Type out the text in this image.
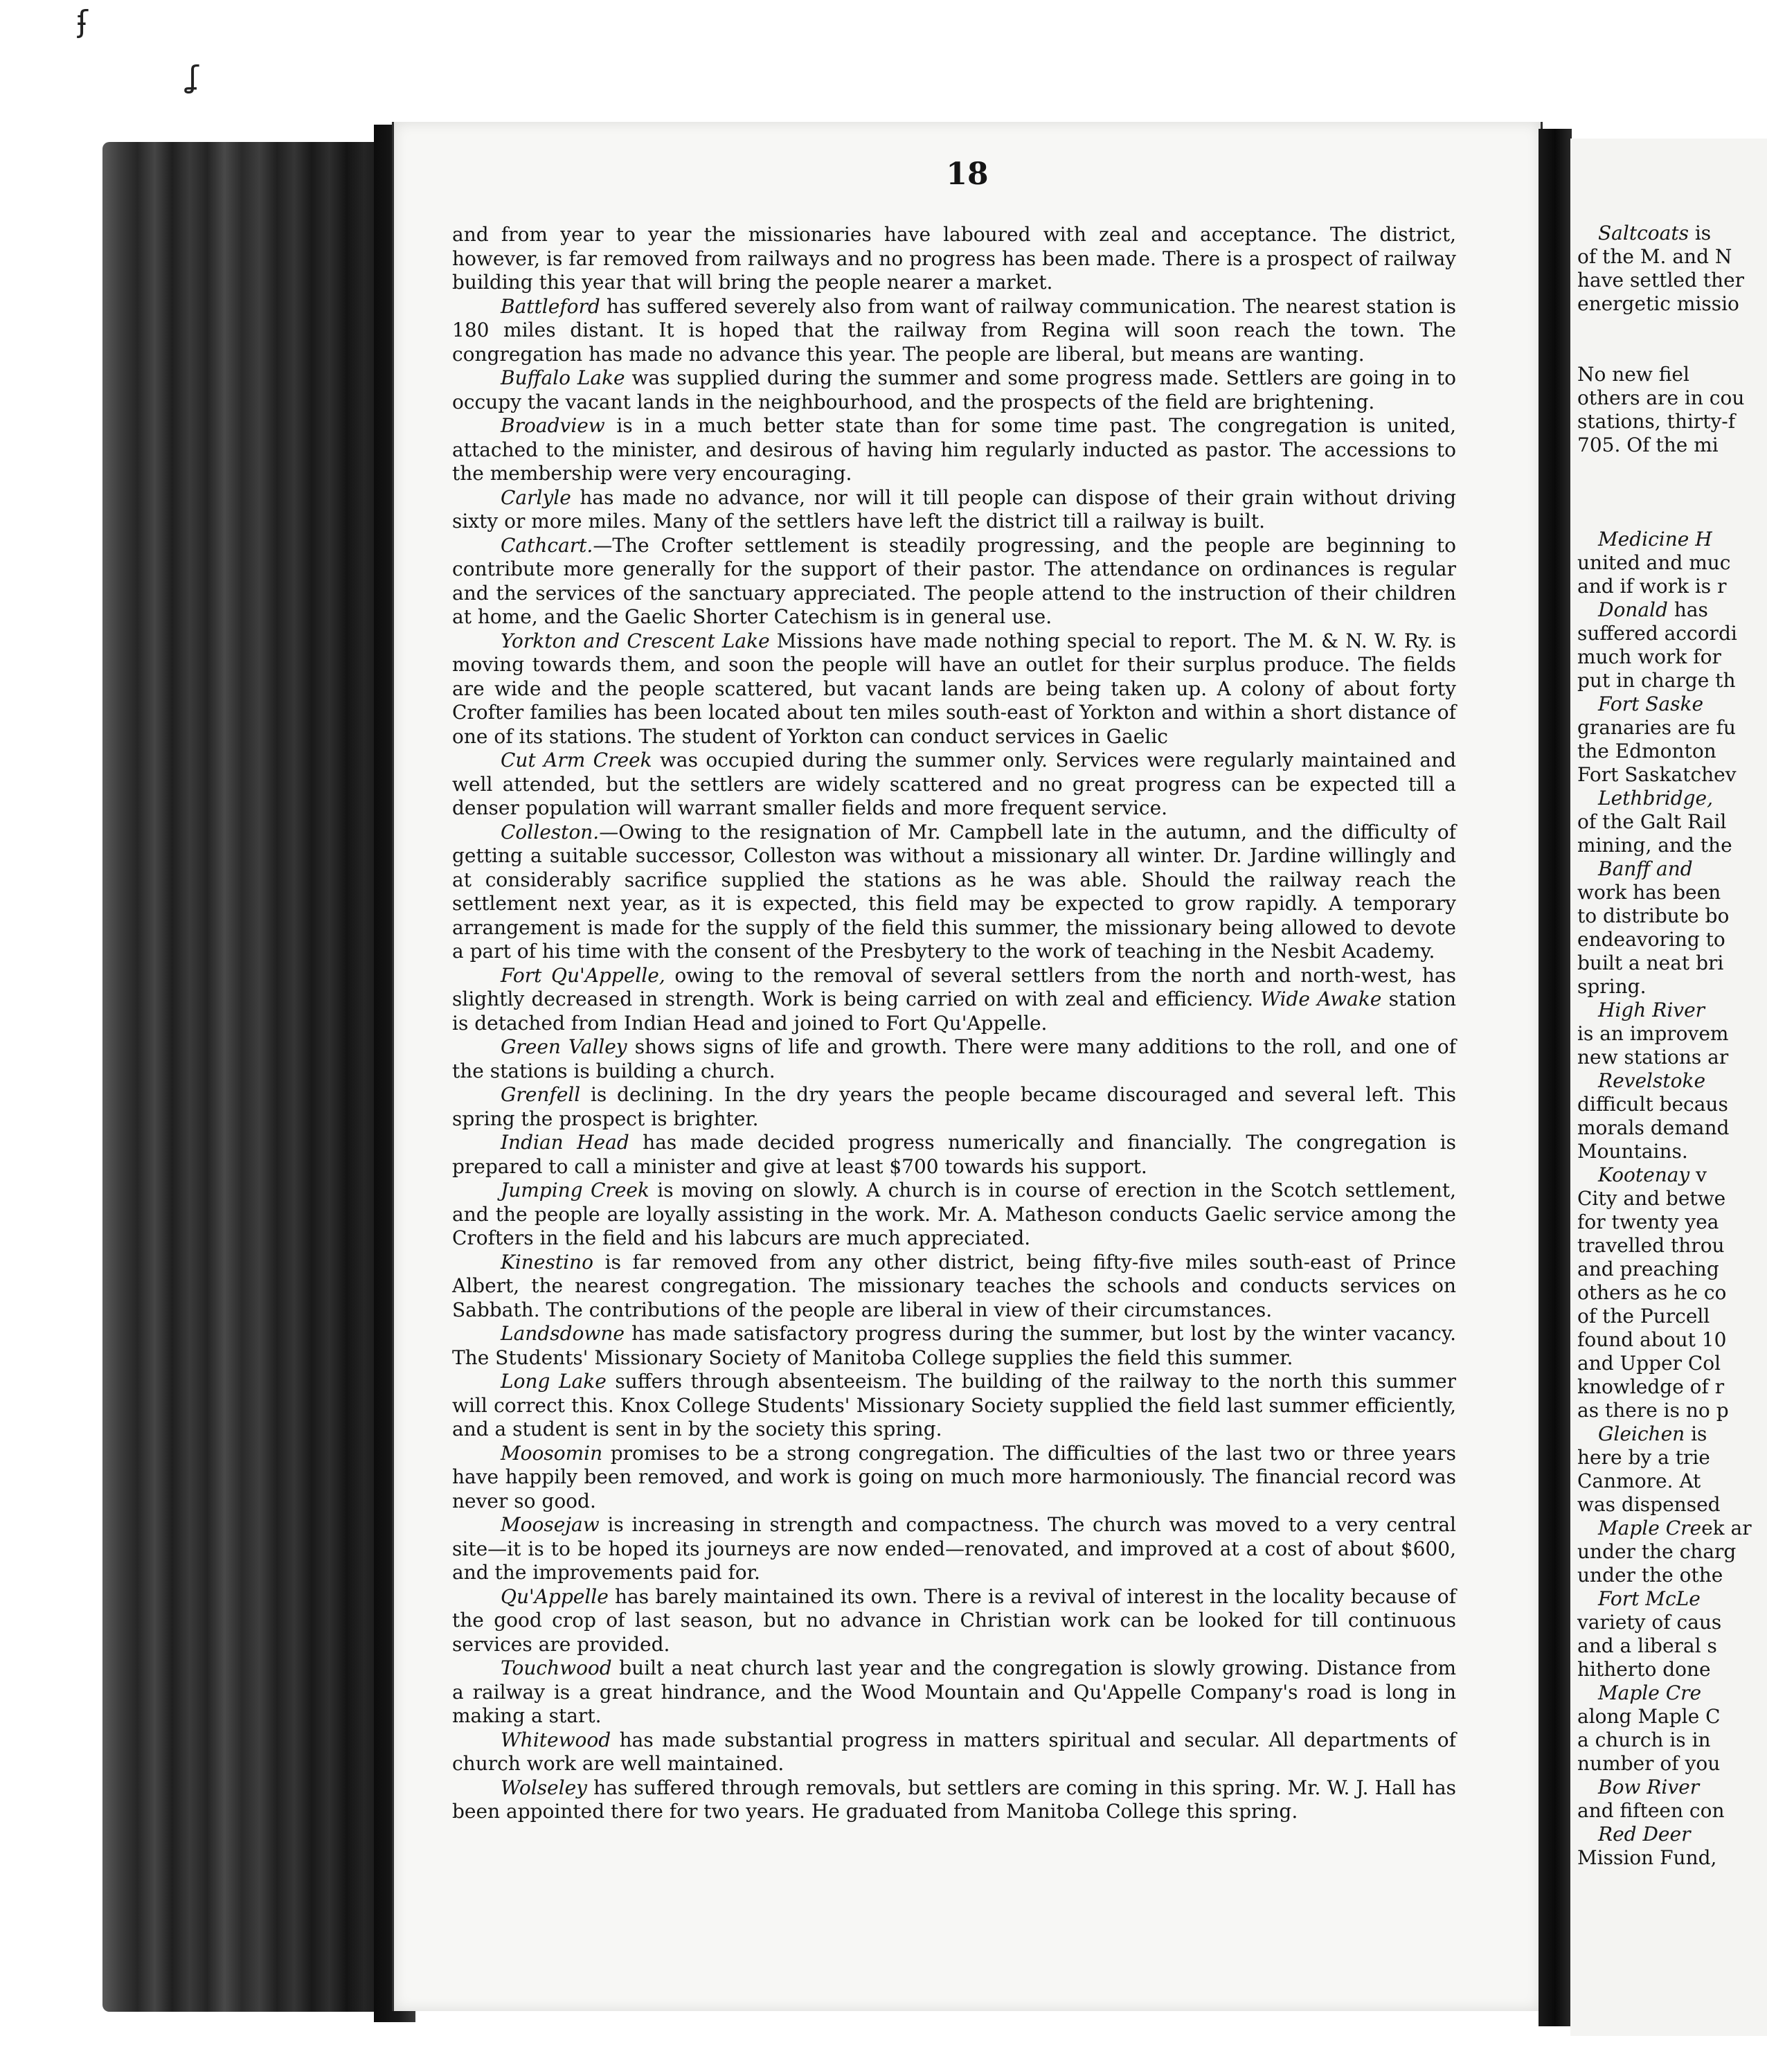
ʄ
ʆ
18

and from year to year the missionaries have laboured with zeal and acceptance. The district, however, is far removed from railways and no progress has been made. There is a prospect of railway building this year that will bring the people nearer a market.

Battleford has suffered severely also from want of railway communication. The nearest station is 180 miles distant. It is hoped that the railway from Regina will soon reach the town. The congregation has made no advance this year. The people are liberal, but means are wanting.

Buffalo Lake was supplied during the summer and some progress made. Settlers are going in to occupy the vacant lands in the neighbourhood, and the prospects of the field are brightening.

Broadview is in a much better state than for some time past. The congregation is united, attached to the minister, and desirous of having him regularly inducted as pastor. The accessions to the membership were very encouraging.

Carlyle has made no advance, nor will it till people can dispose of their grain without driving sixty or more miles. Many of the settlers have left the district till a railway is built.

Cathcart.—The Crofter settlement is steadily progressing, and the people are beginning to contribute more generally for the support of their pastor. The attendance on ordinances is regular and the services of the sanctuary appreciated. The people attend to the instruction of their children at home, and the Gaelic Shorter Catechism is in general use.

Yorkton and Crescent Lake Missions have made nothing special to report. The M. & N. W. Ry. is moving towards them, and soon the people will have an outlet for their surplus produce. The fields are wide and the people scattered, but vacant lands are being taken up. A colony of about forty Crofter families has been located about ten miles south-east of Yorkton and within a short distance of one of its stations. The student of Yorkton can conduct services in Gaelic

Cut Arm Creek was occupied during the summer only. Services were regularly maintained and well attended, but the settlers are widely scattered and no great progress can be expected till a denser population will warrant smaller fields and more frequent service.

Colleston.—Owing to the resignation of Mr. Campbell late in the autumn, and the difficulty of getting a suitable successor, Colleston was without a missionary all winter. Dr. Jardine willingly and at considerably sacrifice supplied the stations as he was able. Should the railway reach the settlement next year, as it is expected, this field may be expected to grow rapidly. A temporary arrangement is made for the supply of the field this summer, the missionary being allowed to devote a part of his time with the consent of the Presbytery to the work of teaching in the Nesbit Academy.

Fort Qu'Appelle, owing to the removal of several settlers from the north and north-west, has slightly decreased in strength. Work is being carried on with zeal and efficiency. Wide Awake station is detached from Indian Head and joined to Fort Qu'Appelle.

Green Valley shows signs of life and growth. There were many additions to the roll, and one of the stations is building a church.

Grenfell is declining. In the dry years the people became discouraged and several left. This spring the prospect is brighter.

Indian Head has made decided progress numerically and financially. The congregation is prepared to call a minister and give at least $700 towards his support.

Jumping Creek is moving on slowly. A church is in course of erection in the Scotch settlement, and the people are loyally assisting in the work. Mr. A. Matheson conducts Gaelic service among the Crofters in the field and his labcurs are much appreciated.

Kinestino is far removed from any other district, being fifty-five miles south-east of Prince Albert, the nearest congregation. The missionary teaches the schools and conducts services on Sabbath. The contributions of the people are liberal in view of their circumstances.

Landsdowne has made satisfactory progress during the summer, but lost by the winter vacancy. The Students' Missionary Society of Manitoba College supplies the field this summer.

Long Lake suffers through absenteeism. The building of the railway to the north this summer will correct this. Knox College Students' Missionary Society supplied the field last summer efficiently, and a student is sent in by the society this spring.

Moosomin promises to be a strong congregation. The difficulties of the last two or three years have happily been removed, and work is going on much more harmoniously. The financial record was never so good.

Moosejaw is increasing in strength and compactness. The church was moved to a very central site—it is to be hoped its journeys are now ended—renovated, and improved at a cost of about $600, and the improvements paid for.

Qu'Appelle has barely maintained its own. There is a revival of interest in the locality because of the good crop of last season, but no advance in Christian work can be looked for till continuous services are provided.

Touchwood built a neat church last year and the congregation is slowly growing. Distance from a railway is a great hindrance, and the Wood Mountain and Qu'Appelle Company's road is long in making a start.

Whitewood has made substantial progress in matters spiritual and secular. All departments of church work are well maintained.

Wolseley has suffered through removals, but settlers are coming in this spring. Mr. W. J. Hall has been appointed there for two years. He graduated from Manitoba College this spring.

Saltcoats is
of the M. and N
have settled ther
energetic missio
No new fiel
others are in cou
stations, thirty-f
705. Of the mi
Medicine H
united and muc
and if work is r
Donald has
suffered accordi
much work for
put in charge th
Fort Saske
granaries are fu
the Edmonton
Fort Saskatchev
Lethbridge,
of the Galt Rail
mining, and the
Banff and
work has been
to distribute bo
endeavoring to
built a neat bri
spring.
High River
is an improvem
new stations ar
Revelstoke
difficult becaus
morals demand
Mountains.
Kootenay v
City and betwe
for twenty yea
travelled throu
and preaching
others as he co
of the Purcell
found about 10
and Upper Col
knowledge of r
as there is no p
Gleichen is
here by a trie
Canmore. At
was dispensed
Maple Creek ar
under the charg
under the othe
Fort McLe
variety of caus
and a liberal s
hitherto done
Maple Cre
along Maple C
a church is in
number of you
Bow River
and fifteen con
Red Deer
Mission Fund,
